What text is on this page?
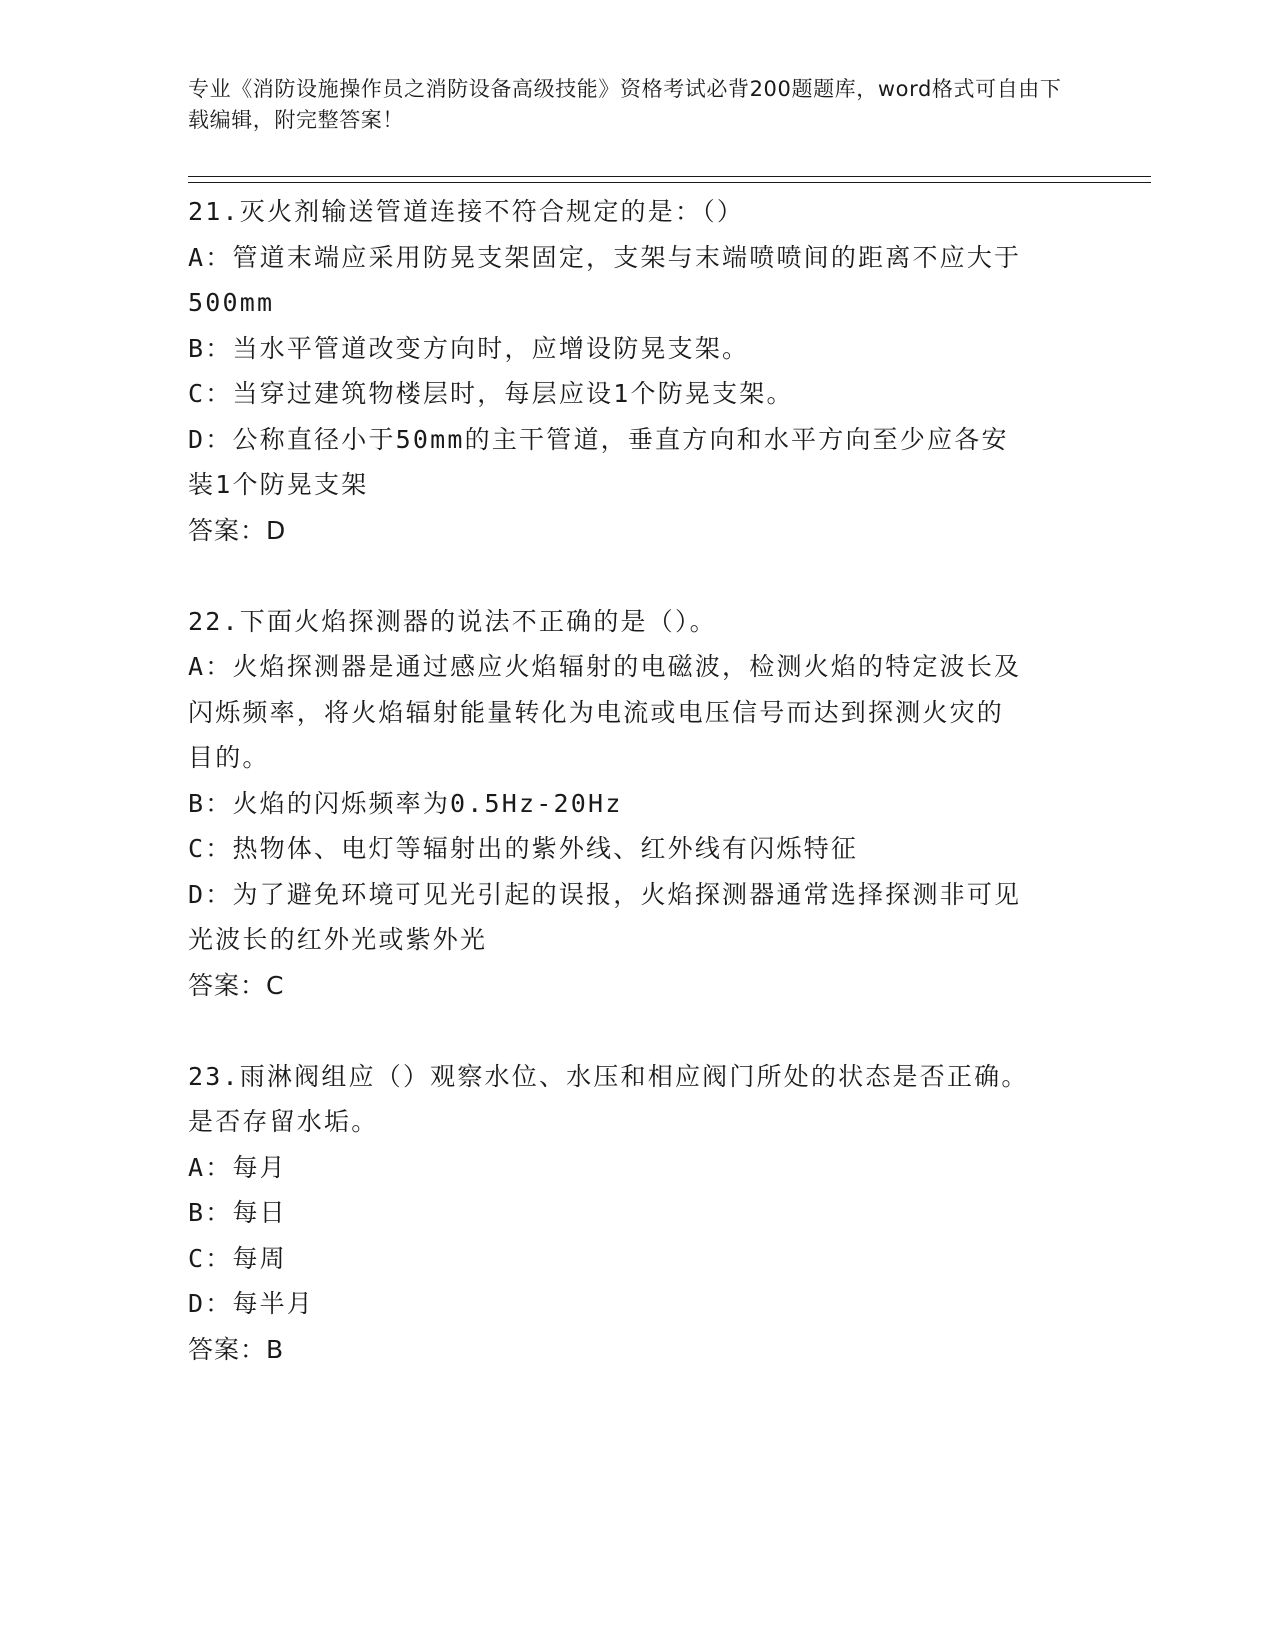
专业《消防设施操作员之消防设备高级技能》资格考试必背200题题库，word格式可自由下载编辑，附完整答案！
21.灭火剂输送管道连接不符合规定的是：（）
A：管道末端应采用防晃支架固定，支架与末端喷喷间的距离不应大于
500mm
B：当水平管道改变方向时，应增设防晃支架。
C：当穿过建筑物楼层时，每层应设1个防晃支架。
D：公称直径小于50mm的主干管道，垂直方向和水平方向至少应各安
装1个防晃支架
答案：D
22.下面火焰探测器的说法不正确的是（）。
A：火焰探测器是通过感应火焰辐射的电磁波，检测火焰的特定波长及
闪烁频率，将火焰辐射能量转化为电流或电压信号而达到探测火灾的
目的。
B：火焰的闪烁频率为0.5Hz-20Hz
C：热物体、电灯等辐射出的紫外线、红外线有闪烁特征
D：为了避免环境可见光引起的误报，火焰探测器通常选择探测非可见
光波长的红外光或紫外光
答案：C
23.雨淋阀组应（）观察水位、水压和相应阀门所处的状态是否正确。
是否存留水垢。
A：每月
B：每日
C：每周
D：每半月
答案：B
